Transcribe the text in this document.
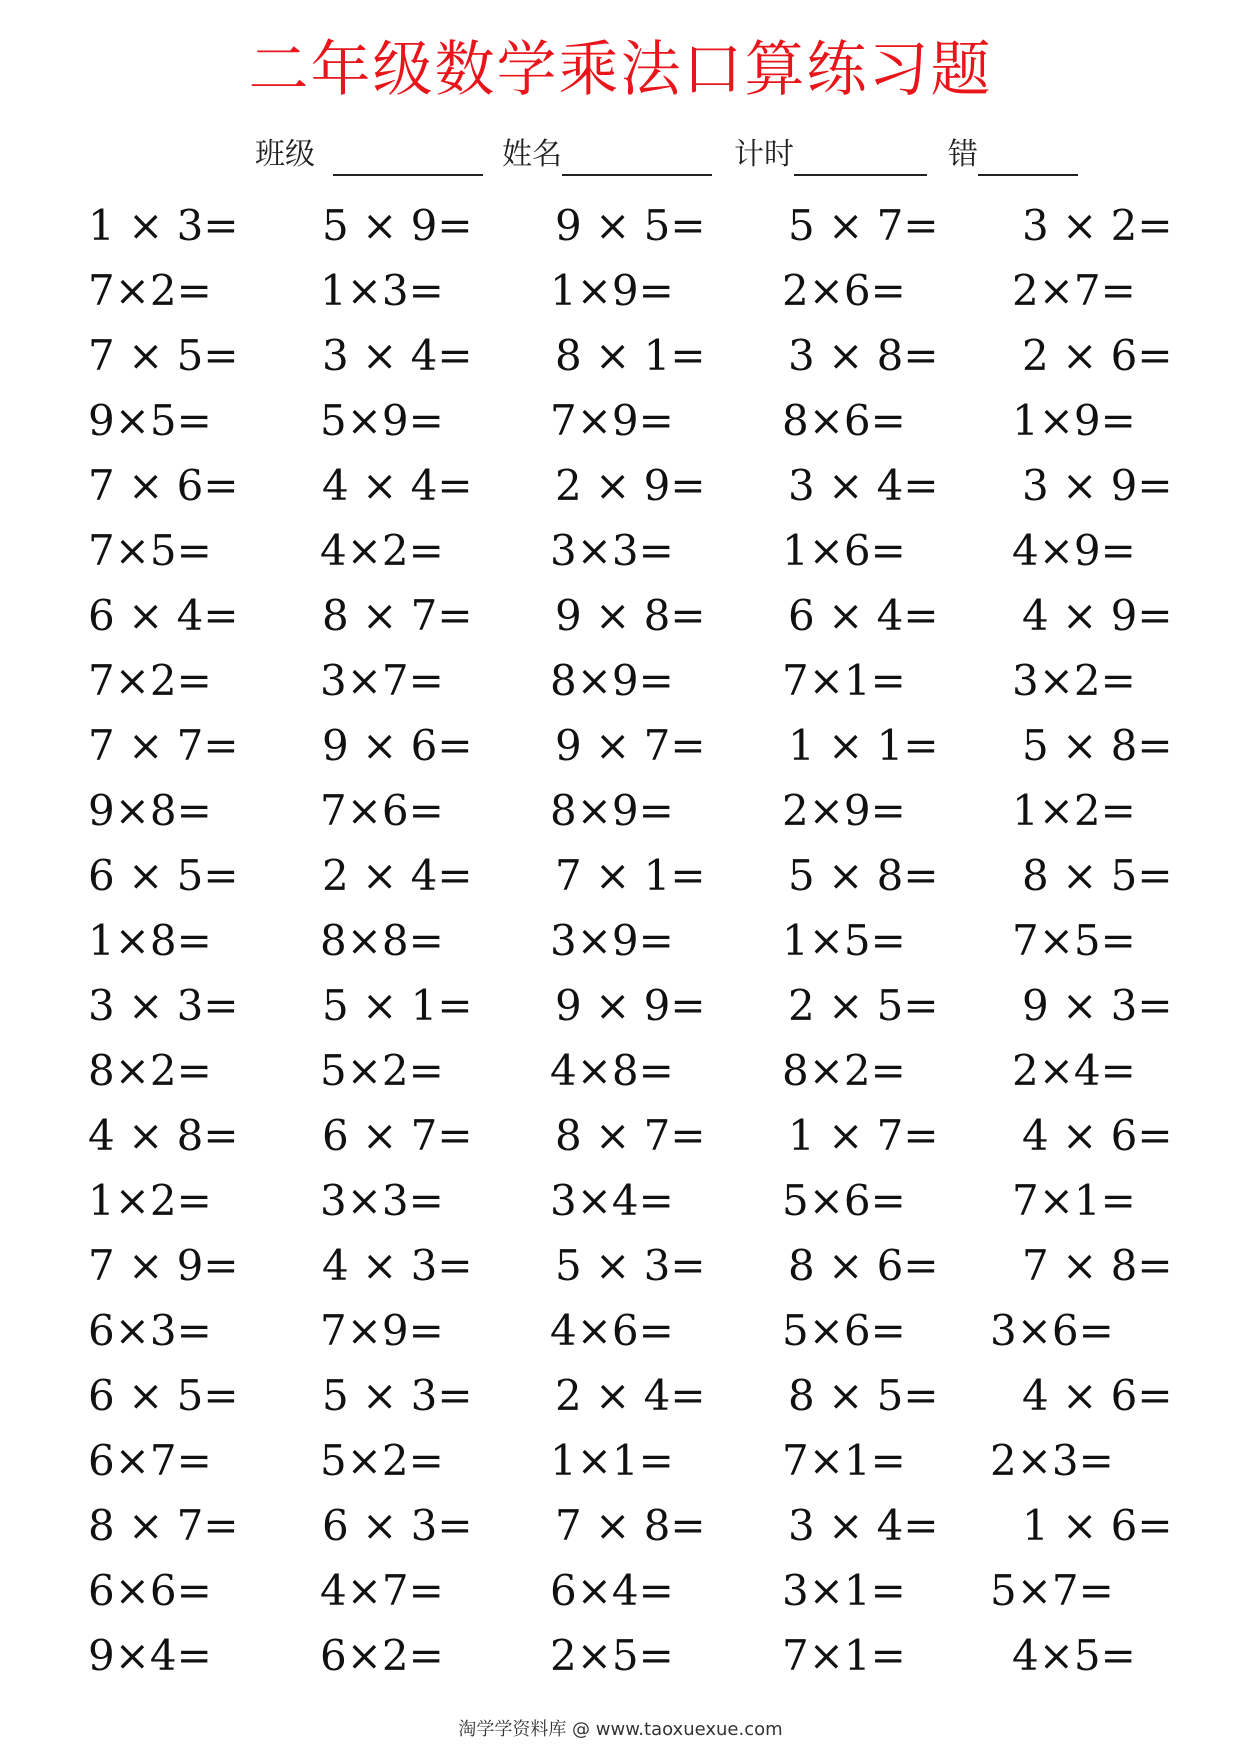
二年级数学乘法口算练习题
班级	姓名	计时	错
1 × 3= 5 × 9= 9 × 5= 5 × 7= 3 × 2=
7×2=	1×3=	1×9=	2×6=	2×7=
7 × 5= 3 × 4= 8 × 1= 3 × 8= 2 × 6=
9×5=	5×9=	7×9=	8×6=	1×9=
7 × 6= 4 × 4= 2 × 9= 3 × 4= 3 × 9=
7×5=	4×2=	3×3=	1×6=	4×9=
6 × 4= 8 × 7= 9 × 8= 6 × 4= 4 × 9=
7×2=	3×7=	8×9=	7×1=	3×2=
7 × 7= 9 × 6= 9 × 7= 1 × 1= 5 × 8=
9×8=	7×6=	8×9=	2×9=	1×2=
6 × 5= 2 × 4= 7 × 1= 5 × 8= 8 × 5=
1×8=	8×8=	3×9=	1×5=	7×5=
3 × 3= 5 × 1= 9 × 9= 2 × 5= 9 × 3=
8×2=	5×2=	4×8=	8×2=	2×4=
4 × 8= 6 × 7= 8 × 7= 1 × 7= 4 × 6=
1×2=	3×3=	3×4=	5×6=	7×1=
7 × 9= 4 × 3= 5 × 3= 8 × 6= 7 × 8=
6×3=	7×9=	4×6=	5×6= 3×6=
6 × 5= 5 × 3= 2 × 4= 8 × 5= 4 × 6=
6×7=	5×2=	1×1=	7×1= 2×3=
8 × 7= 6 × 3= 7 × 8= 3 × 4= 1 × 6=
6×6=	4×7=	6×4=	3×1= 5×7=
9×4=	6×2=	2×5=	7×1=	4×5=
淘学学资料库 @ www.taoxuexue.com
